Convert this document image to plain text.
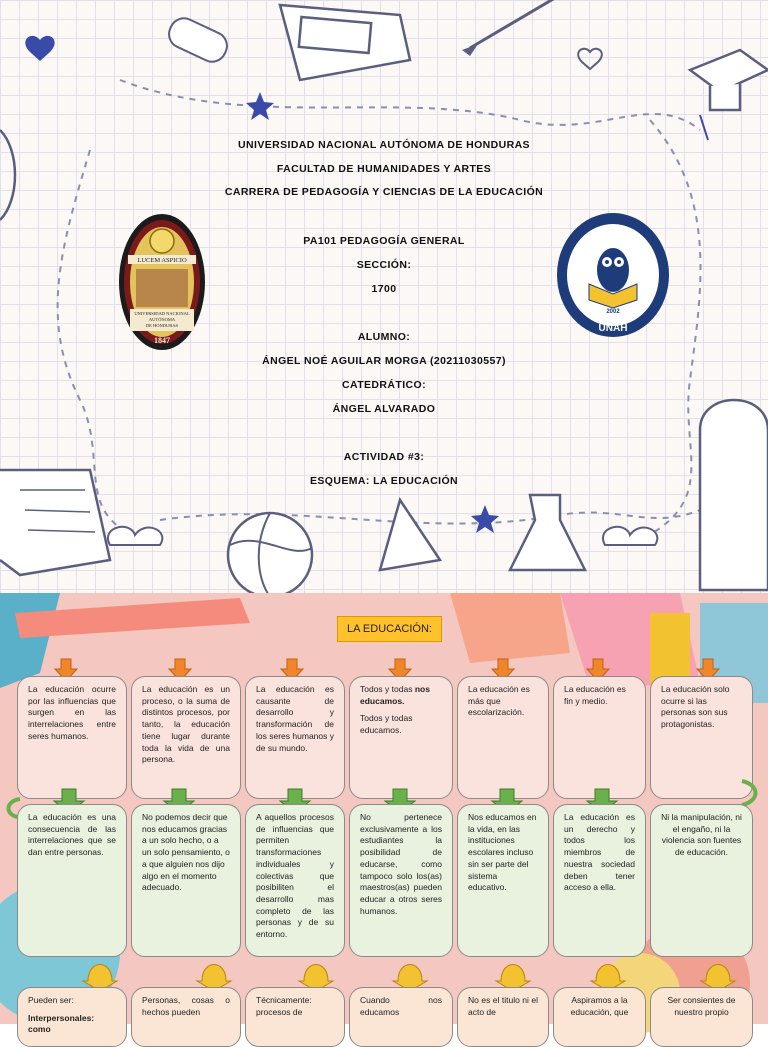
UNIVERSIDAD NACIONAL AUTÓNOMA DE HONDURAS
FACULTAD DE HUMANIDADES Y ARTES
CARRERA DE PEDAGOGÍA Y CIENCIAS DE LA EDUCACIÓN
PA101 PEDAGOGÍA GENERAL
SECCIÓN:
1700
ALUMNO:
ÁNGEL NOÉ AGUILAR MORGA (20211030557)
CATEDRÁTICO:
ÁNGEL ALVARADO
ACTIVIDAD #3:
ESQUEMA: LA EDUCACIÓN
LUCEM ASPICIO
UNIVERSIDAD NACIONAL
AUTÓNOMA
DE HONDURAS
1847
2002
UNAH
CARRERA DE PEDAGOGÍA Y CIENCIAS DE LA EDUCACIÓN
LA EDUCACIÓN:
La educación ocurre por las influencias que surgen en las interrelaciones entre seres humanos.
La educación es un proceso, o la suma de distintos procesos, por tanto, la educación tiene lugar durante toda la vida de una persona.
La educación es causante de desarrollo y transformación de los seres humanos y de su mundo.

Todos y todas nos educamos.

Todos y todas educamos.

La educación es más que escolarización.
La educación es fin y medio.
La educación solo ocurre si las personas son sus protagonistas.
La educación es una consecuencia de las interrelaciones que se dan entre personas.
No podemos decir que nos educamos gracias a un solo hecho, o a un solo pensamiento, o a que alguien nos dijo algo en el momento adecuado.
A aquellos procesos de influencias que permiten transformaciones individuales y colectivas que posibiliten el desarrollo mas completo de las personas y de su entorno.
No pertenece exclusivamente a los estudiantes la posibilidad de educarse, como tampoco solo los(as) maestros(as) pueden educar a otros seres humanos.
Nos educamos en la vida, en las instituciones escolares incluso sin ser parte del sistema educativo.
La educación es un derecho y todos los miembros de nuestra sociedad deben tener acceso a ella.
Ni la manipulación, ni el engaño, ni la violencia son fuentes de educación.

Pueden ser:

Interpersonales: como

Personas, cosas o hechos pueden
Técnicamente: procesos de
Cuando nos educamos
No es el titulo ni el acto de
Aspiramos a la educación, que
Ser consientes de nuestro propio
